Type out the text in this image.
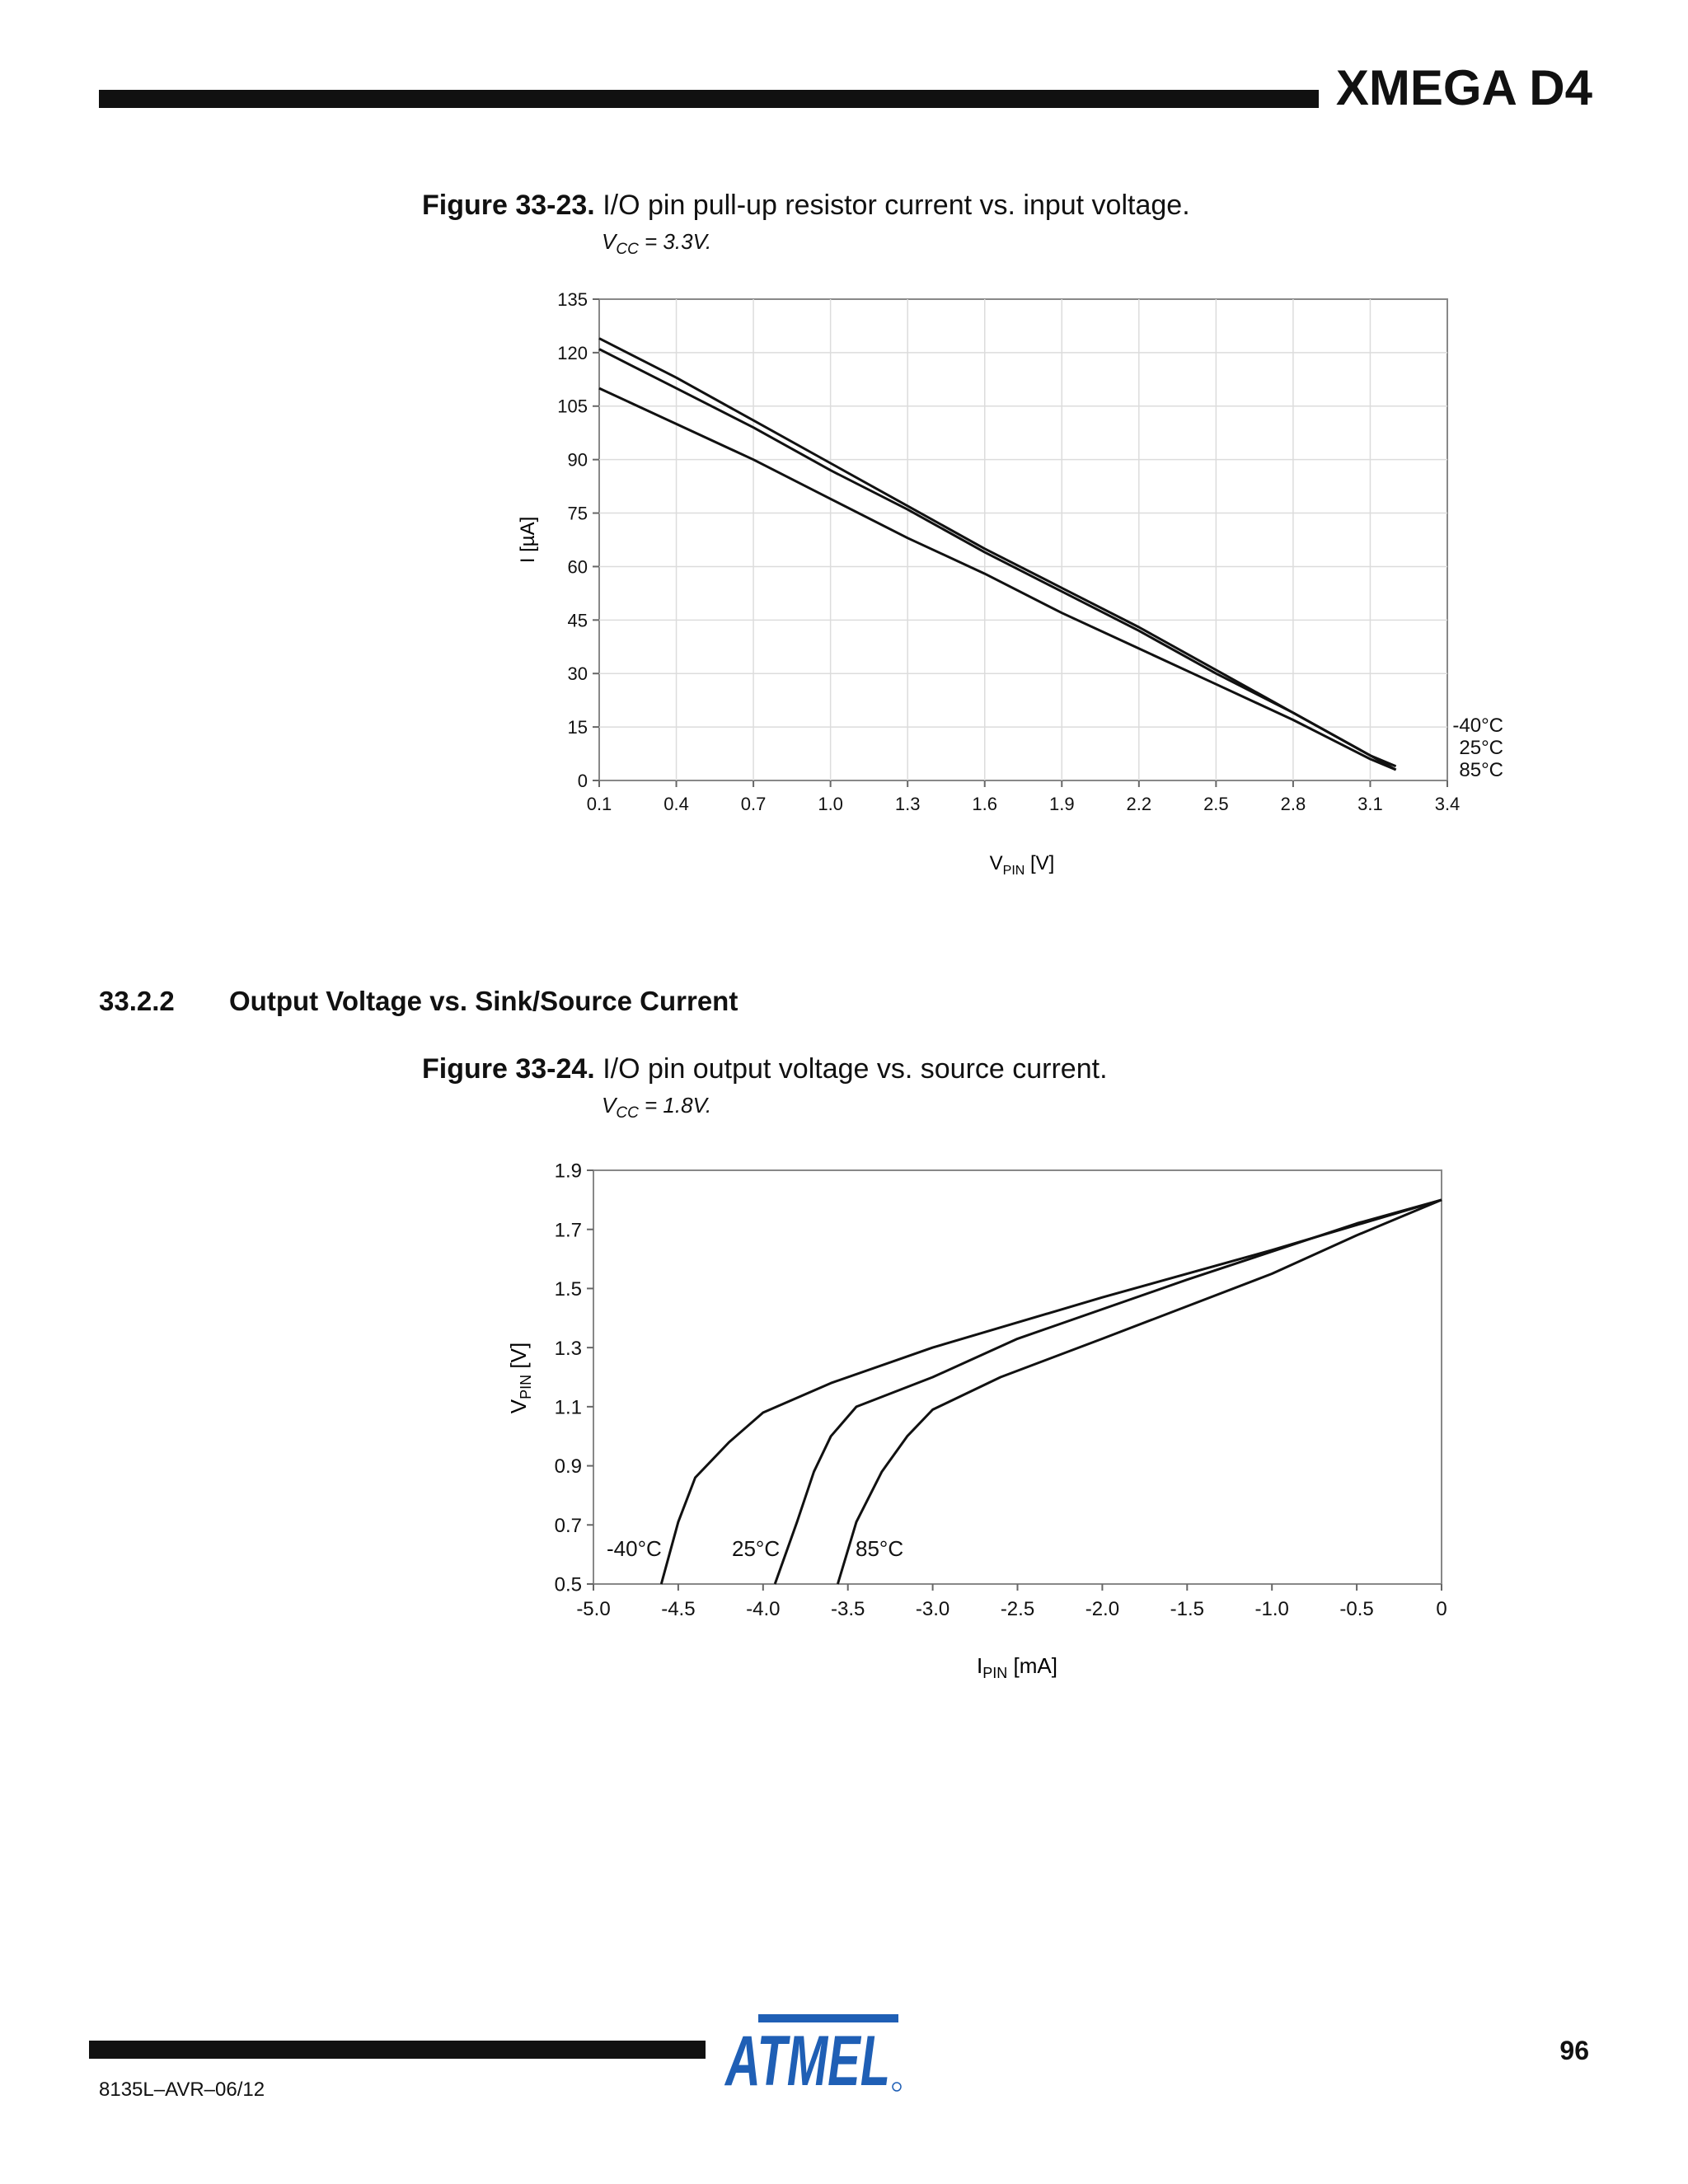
XMEGA D4
Figure 33-23. I/O pin pull-up resistor current vs. input voltage.
$V_{CC} = 3.3V$.
0.1	0.4	0.7	1.0	1.3	1.6	1.9	2.2	2.5	2.8	3.1	3.4
0
15
30
45
60
75
90
105
120
135
-40°C
25°C
85°C
I [µA]
$V_{PIN}$ [V]
33.2.2 Output Voltage vs. Sink/Source Current
Figure 33-24. I/O pin output voltage vs. source current.
$V_{CC} = 1.8V$.
-5.0	-4.5	-4.0	-3.5	-3.0	-2.5	-2.0	-1.5	-1.0	-0.5	0
0.5
0.7
0.9
1.1
1.3
1.5
1.7
1.9
-40°C	25°C	85°C
$V_{PIN}$ [V]
$I_{PIN}$ [mA]
8135L–AVR–06/12
96
ATMEL
